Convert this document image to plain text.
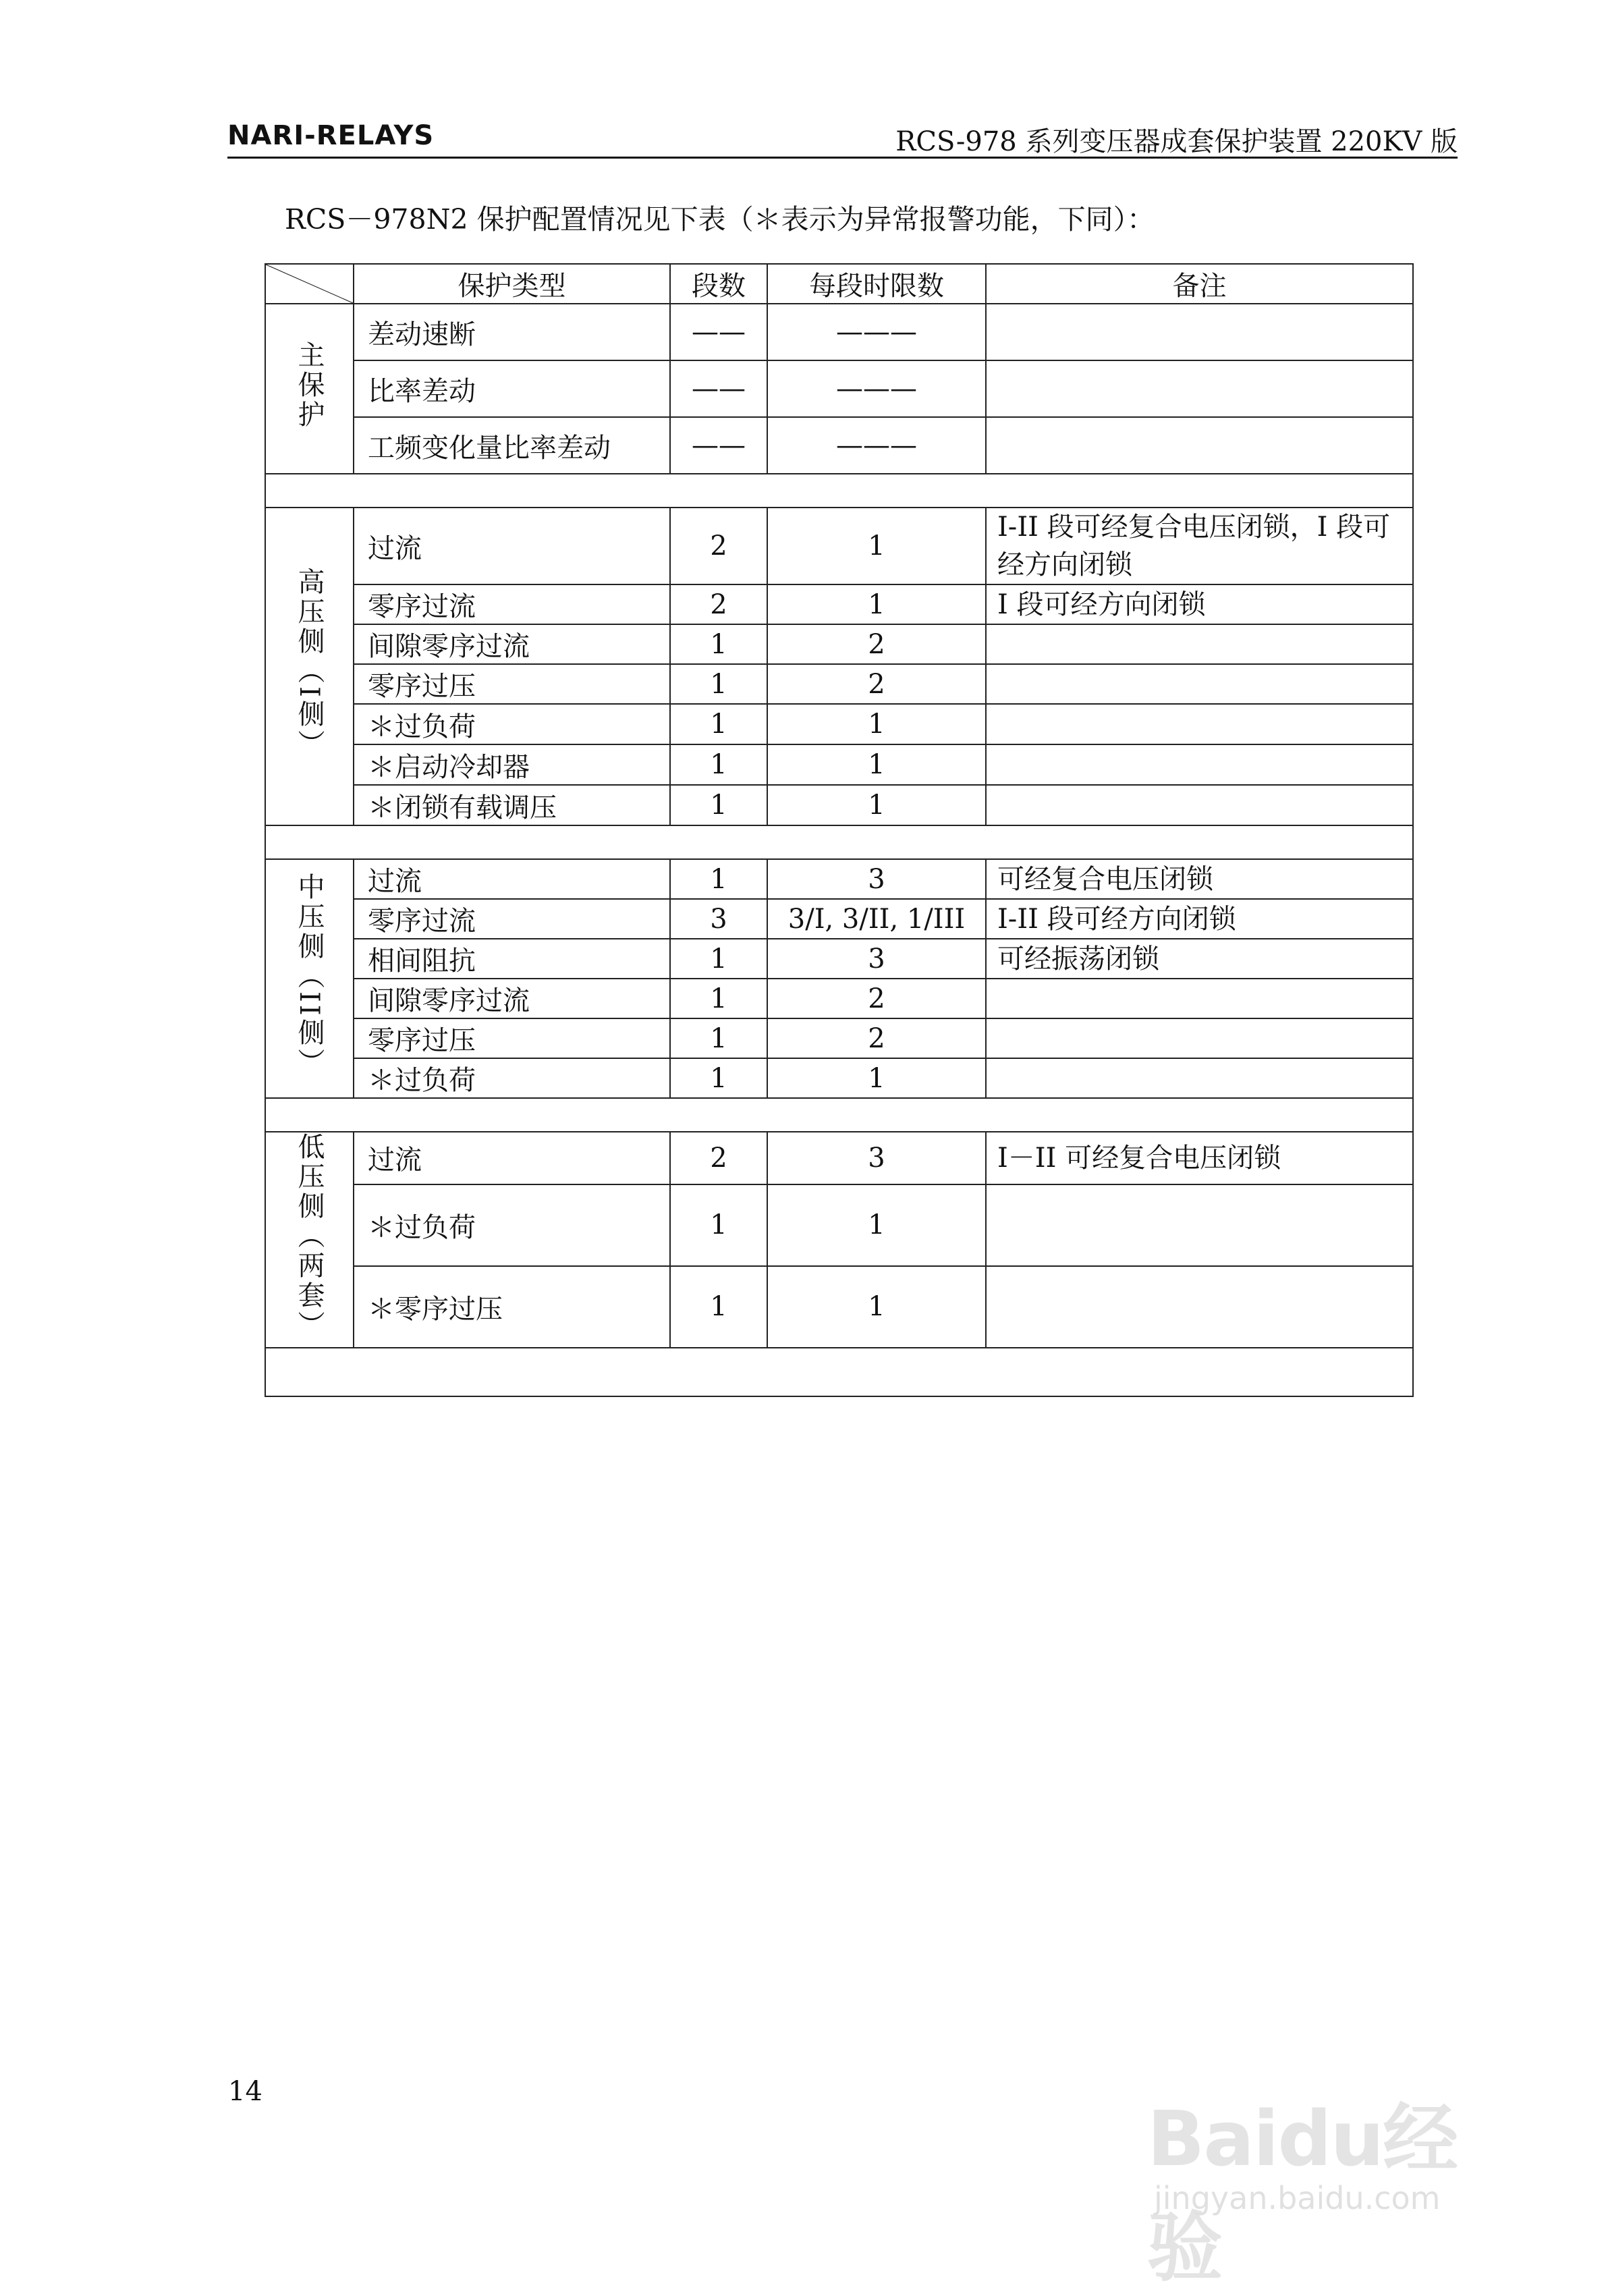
NARI-RELAYS	RCS-978 系列变压器成套保护装置 220KV 版
RCS－978N2 保护配置情况见下表（＊表示为异常报警功能，下同）：
	保护类型	段数	每段时限数	备注
主保护	差动速断	——	———	
	比率差动	——	———	
	工频变化量比率差动	——	———	

高压侧（I侧）	过流	2	1	I-II 段可经复合电压闭锁，I 段可经方向闭锁
	零序过流	2	1	I 段可经方向闭锁
	间隙零序过流	1	2	
	零序过压	1	2	
	＊过负荷	1	1	
	＊启动冷却器	1	1	
	＊闭锁有载调压	1	1	

中压侧（II侧）	过流	1	3	可经复合电压闭锁
	零序过流	3	3/I, 3/II, 1/III	I-II 段可经方向闭锁
	相间阻抗	1	3	可经振荡闭锁
	间隙零序过流	1	2	
	零序过压	1	2	
	＊过负荷	1	1	

低压侧（两套）	过流	2	3	I－II 可经复合电压闭锁
	＊过负荷	1	1	
	＊零序过压	1	1	

14
Baidu经验
jingyan.baidu.com
